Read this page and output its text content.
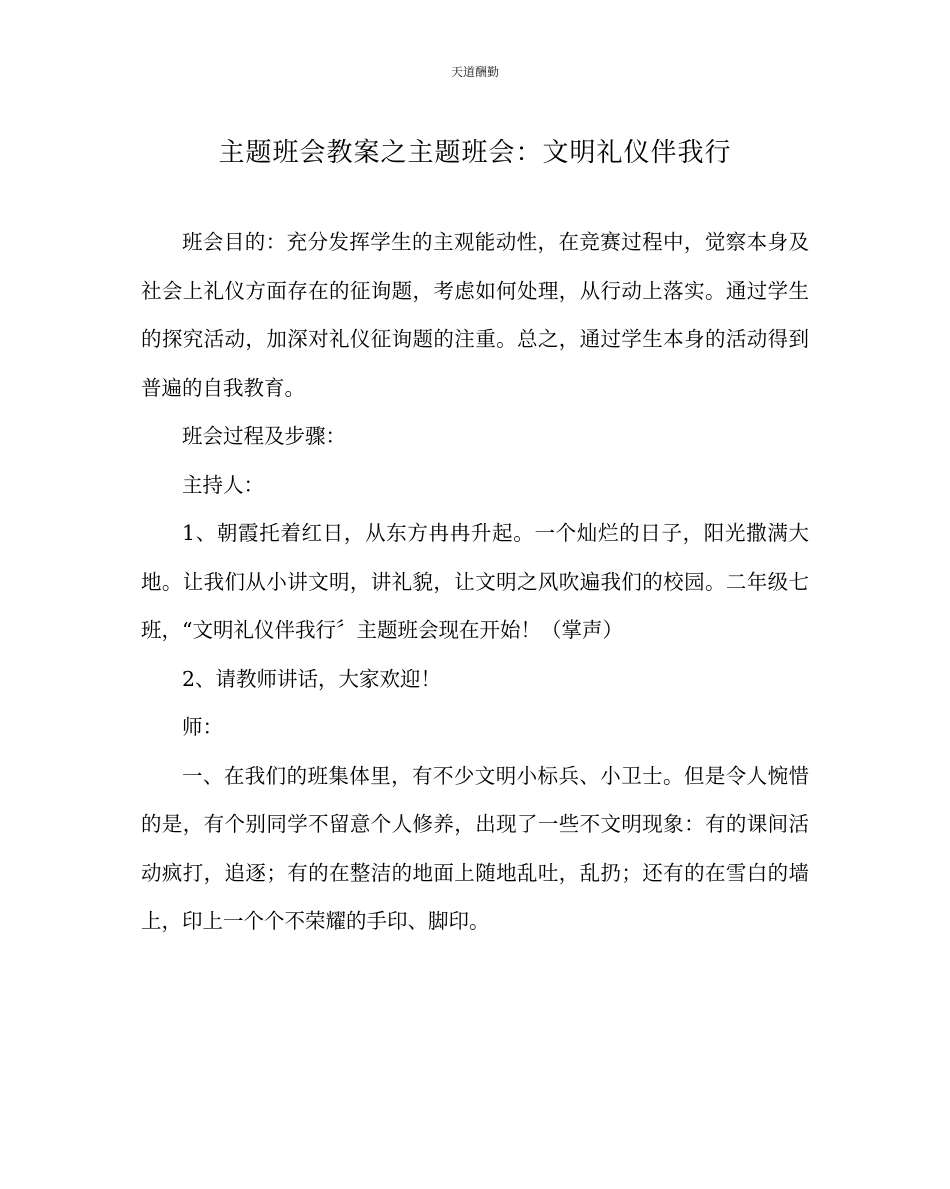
天道酬勤
主题班会教案之主题班会：文明礼仪伴我行

班会目的：充分发挥学生的主观能动性，在竞赛过程中，觉察本身及社会上礼仪方面存在的征询题，考虑如何处理，从行动上落实。通过学生的探究活动，加深对礼仪征询题的注重。总之，通过学生本身的活动得到普遍的自我教育。

班会过程及步骤：

主持人：

1、朝霞托着红日，从东方冉冉升起。一个灿烂的日子，阳光撒满大地。让我们从小讲文明，讲礼貌，让文明之风吹遍我们的校园。二年级七班，“文明礼仪伴我行〞主题班会现在开始！（掌声）

2、请教师讲话，大家欢迎！

师：

一、在我们的班集体里，有不少文明小标兵、小卫士。但是令人惋惜的是，有个别同学不留意个人修养，出现了一些不文明现象：有的课间活动疯打，追逐；有的在整洁的地面上随地乱吐，乱扔；还有的在雪白的墙上，印上一个个不荣耀的手印、脚印。
